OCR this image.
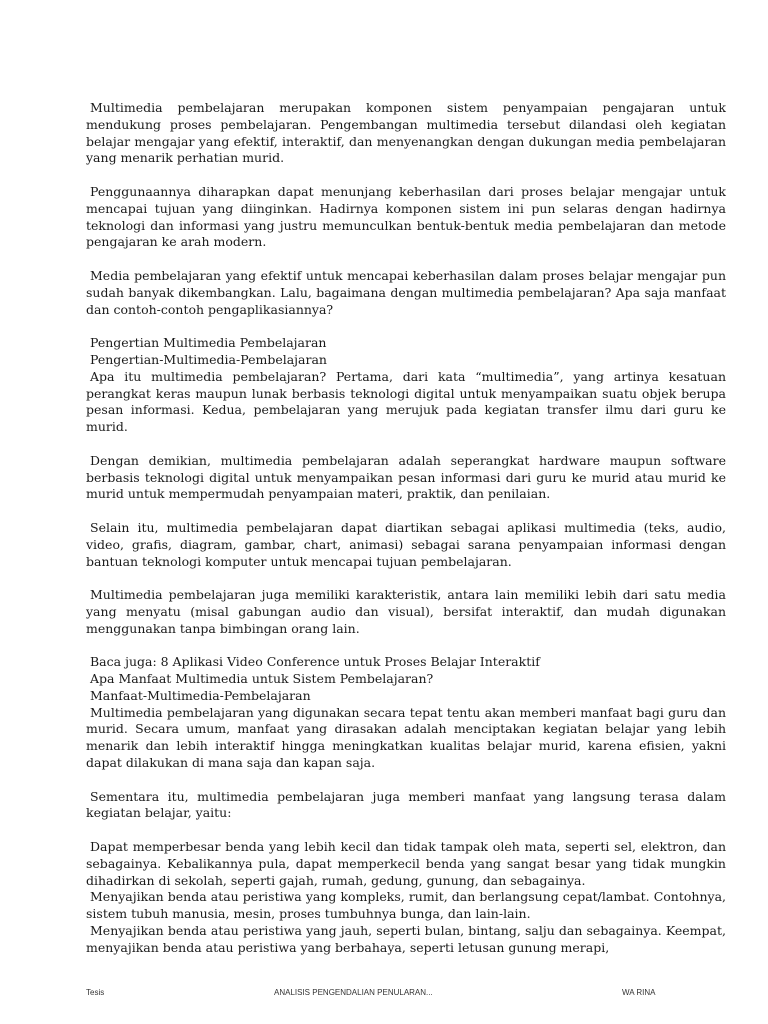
Multimedia pembelajaran merupakan komponen sistem penyampaian pengajaran untuk mendukung proses pembelajaran. Pengembangan multimedia tersebut dilandasi oleh kegiatan belajar mengajar yang efektif, interaktif, dan menyenangkan dengan dukungan media pembelajaran yang menarik perhatian murid.

Penggunaannya diharapkan dapat menunjang keberhasilan dari proses belajar mengajar untuk mencapai tujuan yang diinginkan. Hadirnya komponen sistem ini pun selaras dengan hadirnya teknologi dan informasi yang justru memunculkan bentuk-bentuk media pembelajaran dan metode pengajaran ke arah modern.

Media pembelajaran yang efektif untuk mencapai keberhasilan dalam proses belajar mengajar pun sudah banyak dikembangkan. Lalu, bagaimana dengan multimedia pembelajaran? Apa saja manfaat dan contoh-contoh pengaplikasiannya?

Pengertian Multimedia Pembelajaran

Pengertian-Multimedia-Pembelajaran

Apa itu multimedia pembelajaran? Pertama, dari kata “multimedia”, yang artinya kesatuan perangkat keras maupun lunak berbasis teknologi digital untuk menyampaikan suatu objek berupa pesan informasi. Kedua, pembelajaran yang merujuk pada kegiatan transfer ilmu dari guru ke murid.

Dengan demikian, multimedia pembelajaran adalah seperangkat hardware maupun software berbasis teknologi digital untuk menyampaikan pesan informasi dari guru ke murid atau murid ke murid untuk mempermudah penyampaian materi, praktik, dan penilaian.

Selain itu, multimedia pembelajaran dapat diartikan sebagai aplikasi multimedia (teks, audio, video, grafis, diagram, gambar, chart, animasi) sebagai sarana penyampaian informasi dengan bantuan teknologi komputer untuk mencapai tujuan pembelajaran.

Multimedia pembelajaran juga memiliki karakteristik, antara lain memiliki lebih dari satu media yang menyatu (misal gabungan audio dan visual), bersifat interaktif, dan mudah digunakan menggunakan tanpa bimbingan orang lain.

Baca juga: 8 Aplikasi Video Conference untuk Proses Belajar Interaktif

Apa Manfaat Multimedia untuk Sistem Pembelajaran?

Manfaat-Multimedia-Pembelajaran

Multimedia pembelajaran yang digunakan secara tepat tentu akan memberi manfaat bagi guru dan murid. Secara umum, manfaat yang dirasakan adalah menciptakan kegiatan belajar yang lebih menarik dan lebih interaktif hingga meningkatkan kualitas belajar murid, karena efisien, yakni dapat dilakukan di mana saja dan kapan saja.

Sementara itu, multimedia pembelajaran juga memberi manfaat yang langsung terasa dalam kegiatan belajar, yaitu:

Dapat memperbesar benda yang lebih kecil dan tidak tampak oleh mata, seperti sel, elektron, dan sebagainya. Kebalikannya pula, dapat memperkecil benda yang sangat besar yang tidak mungkin dihadirkan di sekolah, seperti gajah, rumah, gedung, gunung, dan sebagainya.

Menyajikan benda atau peristiwa yang kompleks, rumit, dan berlangsung cepat/lambat. Contohnya, sistem tubuh manusia, mesin, proses tumbuhnya bunga, dan lain-lain.

Menyajikan benda atau peristiwa yang jauh, seperti bulan, bintang, salju dan sebagainya. Keempat, menyajikan benda atau peristiwa yang berbahaya, seperti letusan gunung merapi,

Tesis	ANALISIS PENGENDALIAN PENULARAN...	WA RINA
